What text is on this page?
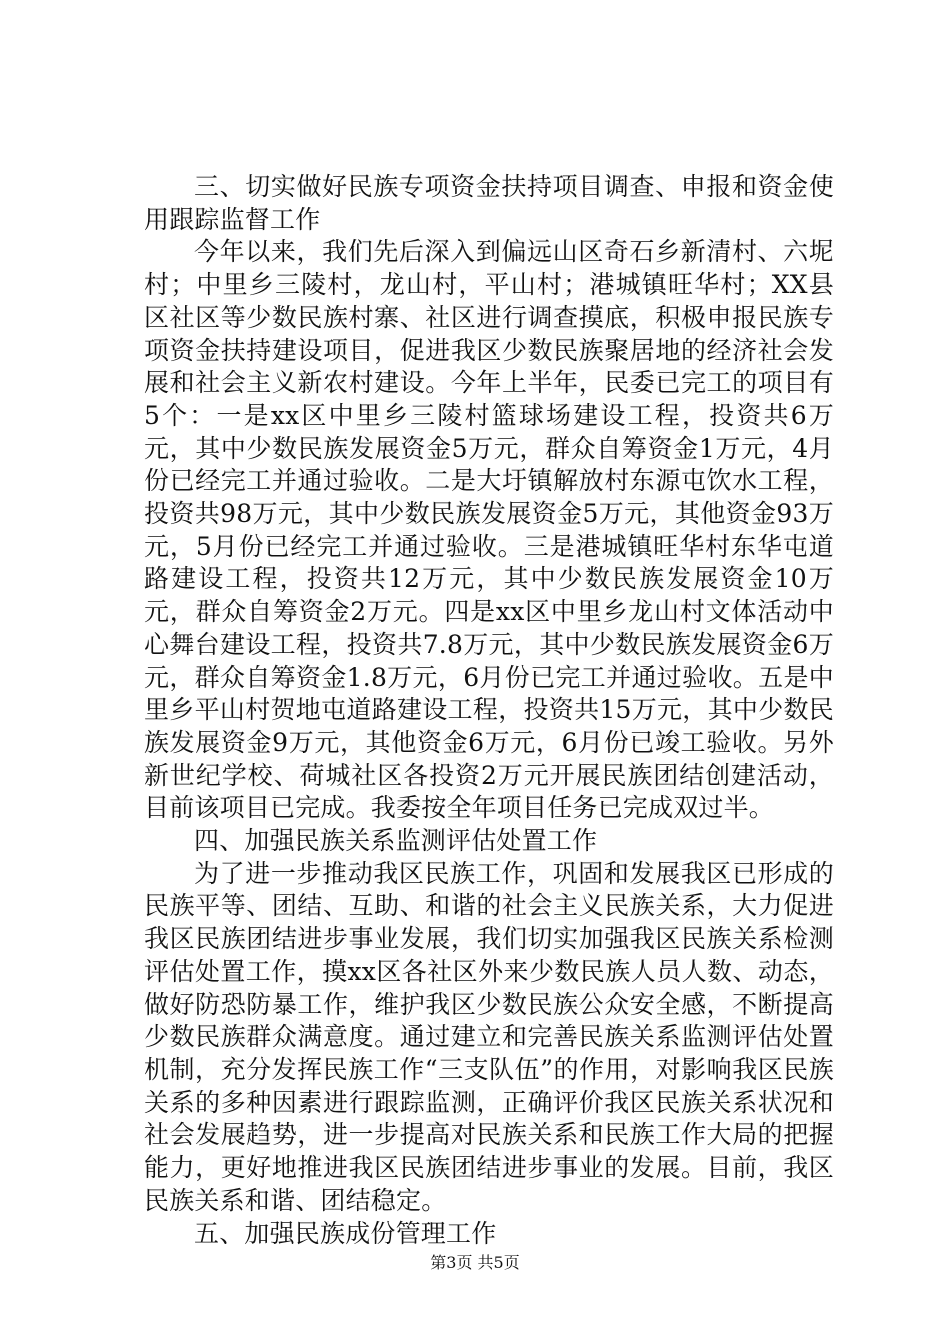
三、切实做好民族专项资金扶持项目调查、申报和资金使用跟踪监督工作

今年以来，我们先后深入到偏远山区奇石乡新清村、六坭村；中里乡三陵村，龙山村，平山村；港城镇旺华村；XX县区社区等少数民族村寨、社区进行调查摸底，积极申报民族专项资金扶持建设项目，促进我区少数民族聚居地的经济社会发展和社会主义新农村建设。今年上半年，民委已完工的项目有5个：一是xx区中里乡三陵村篮球场建设工程，投资共6万元，其中少数民族发展资金5万元，群众自筹资金1万元，4月份已经完工并通过验收。二是大圩镇解放村东源屯饮水工程，投资共98万元，其中少数民族发展资金5万元，其他资金93万元，5月份已经完工并通过验收。三是港城镇旺华村东华屯道路建设工程，投资共12万元，其中少数民族发展资金10万元，群众自筹资金2万元。四是xx区中里乡龙山村文体活动中心舞台建设工程，投资共7.8万元，其中少数民族发展资金6万元，群众自筹资金1.8万元，6月份已完工并通过验收。五是中里乡平山村贺地屯道路建设工程，投资共15万元，其中少数民族发展资金9万元，其他资金6万元，6月份已竣工验收。另外新世纪学校、荷城社区各投资2万元开展民族团结创建活动，目前该项目已完成。我委按全年项目任务已完成双过半。

四、加强民族关系监测评估处置工作

为了进一步推动我区民族工作，巩固和发展我区已形成的民族平等、团结、互助、和谐的社会主义民族关系，大力促进我区民族团结进步事业发展，我们切实加强我区民族关系检测评估处置工作，摸xx区各社区外来少数民族人员人数、动态，做好防恐防暴工作，维护我区少数民族公众安全感，不断提高少数民族群众满意度。通过建立和完善民族关系监测评估处置机制，充分发挥民族工作“三支队伍”的作用，对影响我区民族关系的多种因素进行跟踪监测，正确评价我区民族关系状况和社会发展趋势，进一步提高对民族关系和民族工作大局的把握能力，更好地推进我区民族团结进步事业的发展。目前，我区民族关系和谐、团结稳定。

五、加强民族成份管理工作

第3页 共5页
